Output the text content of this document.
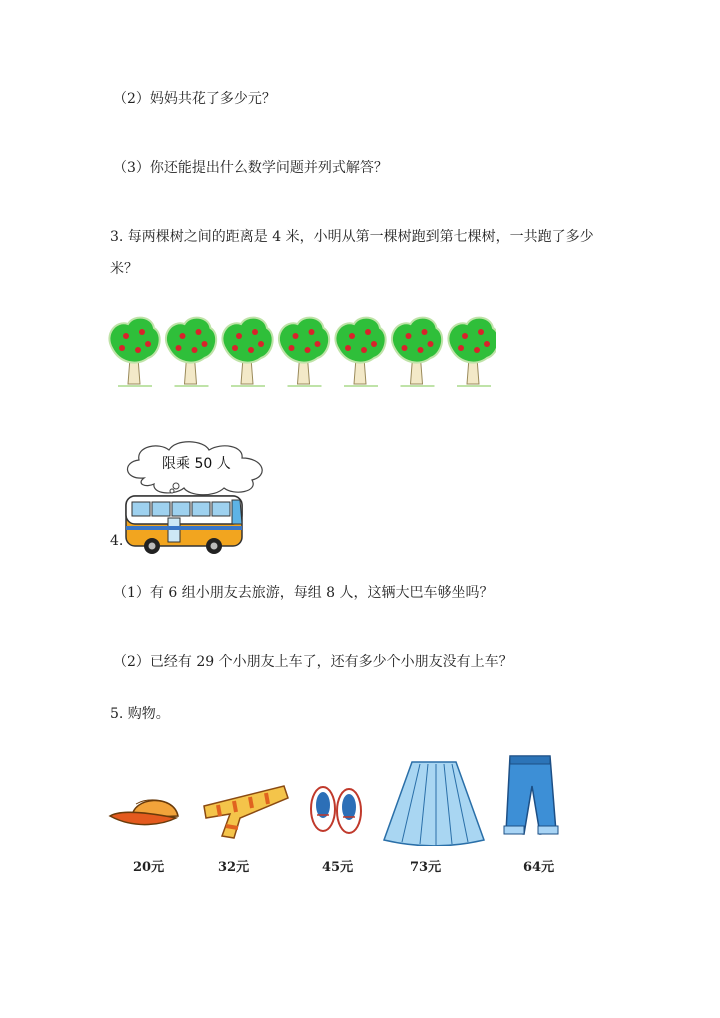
（2）妈妈共花了多少元？
（3）你还能提出什么数学问题并列式解答？
3. 每两棵树之间的距离是 4 米，小明从第一棵树跑到第七棵树，一共跑了多少
米？
限乘 50 人
4.
（1）有 6 组小朋友去旅游，每组 8 人，这辆大巴车够坐吗？
（2）已经有 29 个小朋友上车了，还有多少个小朋友没有上车？
5. 购物。
20元	32元	45元	73元	64元
